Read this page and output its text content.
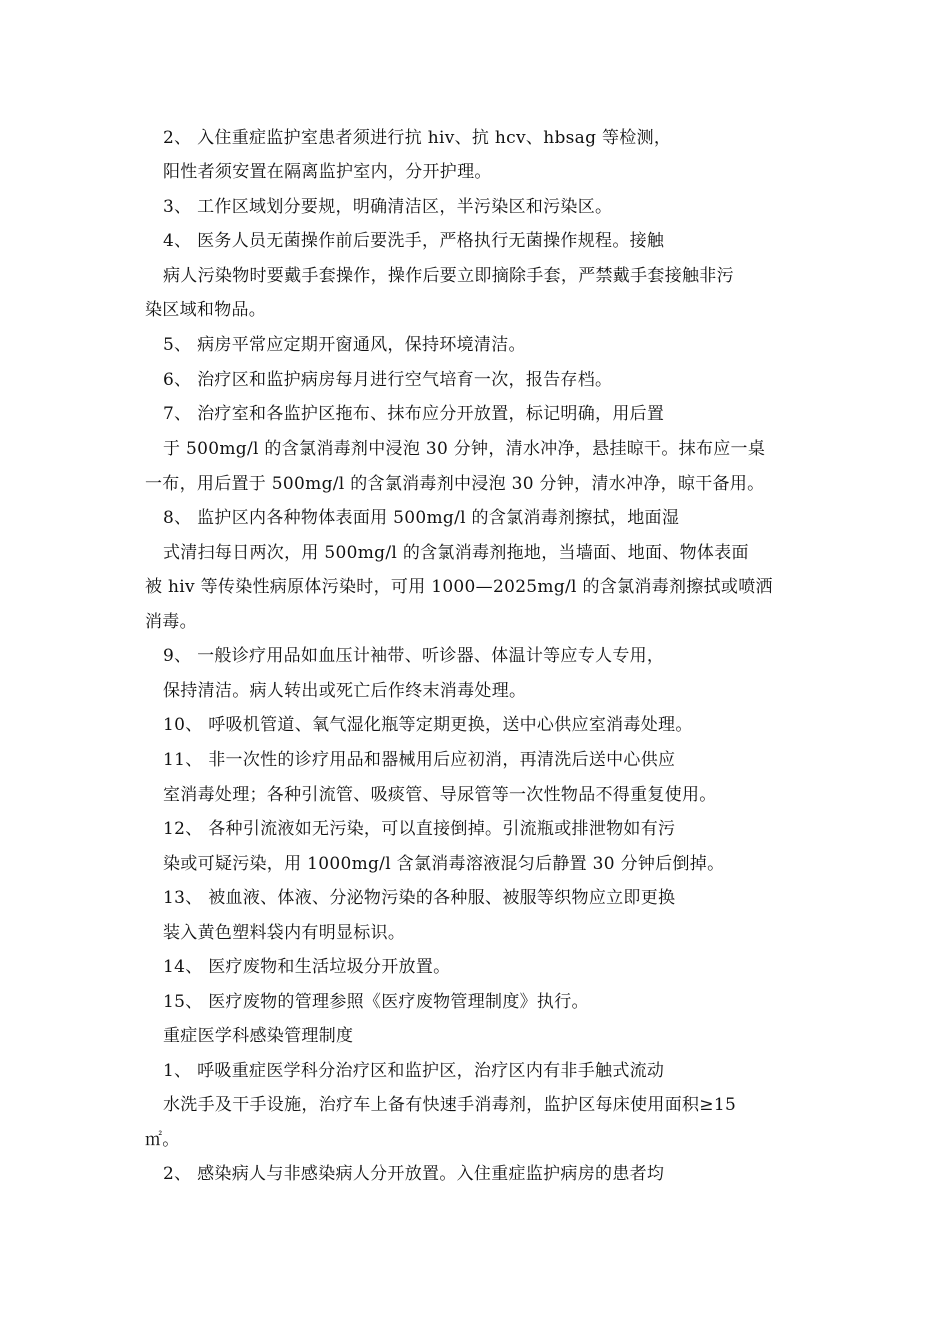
2、 入住重症监护室患者须进行抗 hiv、抗 hcv、hbsag 等检测，
阳性者须安置在隔离监护室内，分开护理。
3、 工作区域划分要规，明确清洁区，半污染区和污染区。
4、 医务人员无菌操作前后要洗手，严格执行无菌操作规程。接触
病人污染物时要戴手套操作，操作后要立即摘除手套，严禁戴手套接触非污
染区域和物品。
5、 病房平常应定期开窗通风，保持环境清洁。
6、 治疗区和监护病房每月进行空气培育一次，报告存档。
7、 治疗室和各监护区拖布、抹布应分开放置，标记明确，用后置
于 500mg/l 的含氯消毒剂中浸泡 30 分钟，清水冲净，悬挂晾干。抹布应一桌
一布，用后置于 500mg/l 的含氯消毒剂中浸泡 30 分钟，清水冲净，晾干备用。
8、 监护区内各种物体表面用 500mg/l 的含氯消毒剂擦拭，地面湿
式清扫每日两次，用 500mg/l 的含氯消毒剂拖地，当墙面、地面、物体表面
被 hiv 等传染性病原体污染时，可用 1000—2025mg/l 的含氯消毒剂擦拭或喷洒
消毒。
9、 一般诊疗用品如血压计袖带、听诊器、体温计等应专人专用，
保持清洁。病人转出或死亡后作终末消毒处理。
10、 呼吸机管道、氧气湿化瓶等定期更换，送中心供应室消毒处理。
11、 非一次性的诊疗用品和器械用后应初消，再清洗后送中心供应
室消毒处理；各种引流管、吸痰管、导尿管等一次性物品不得重复使用。
12、 各种引流液如无污染，可以直接倒掉。引流瓶或排泄物如有污
染或可疑污染，用 1000mg/l 含氯消毒溶液混匀后静置 30 分钟后倒掉。
13、 被血液、体液、分泌物污染的各种服、被服等织物应立即更换
装入黄色塑料袋内有明显标识。
14、 医疗废物和生活垃圾分开放置。
15、 医疗废物的管理参照《医疗废物管理制度》执行。
重症医学科感染管理制度
1、 呼吸重症医学科分治疗区和监护区，治疗区内有非手触式流动
水洗手及干手设施，治疗车上备有快速手消毒剂，监护区每床使用面积≥15
㎡。
2、 感染病人与非感染病人分开放置。入住重症监护病房的患者均
